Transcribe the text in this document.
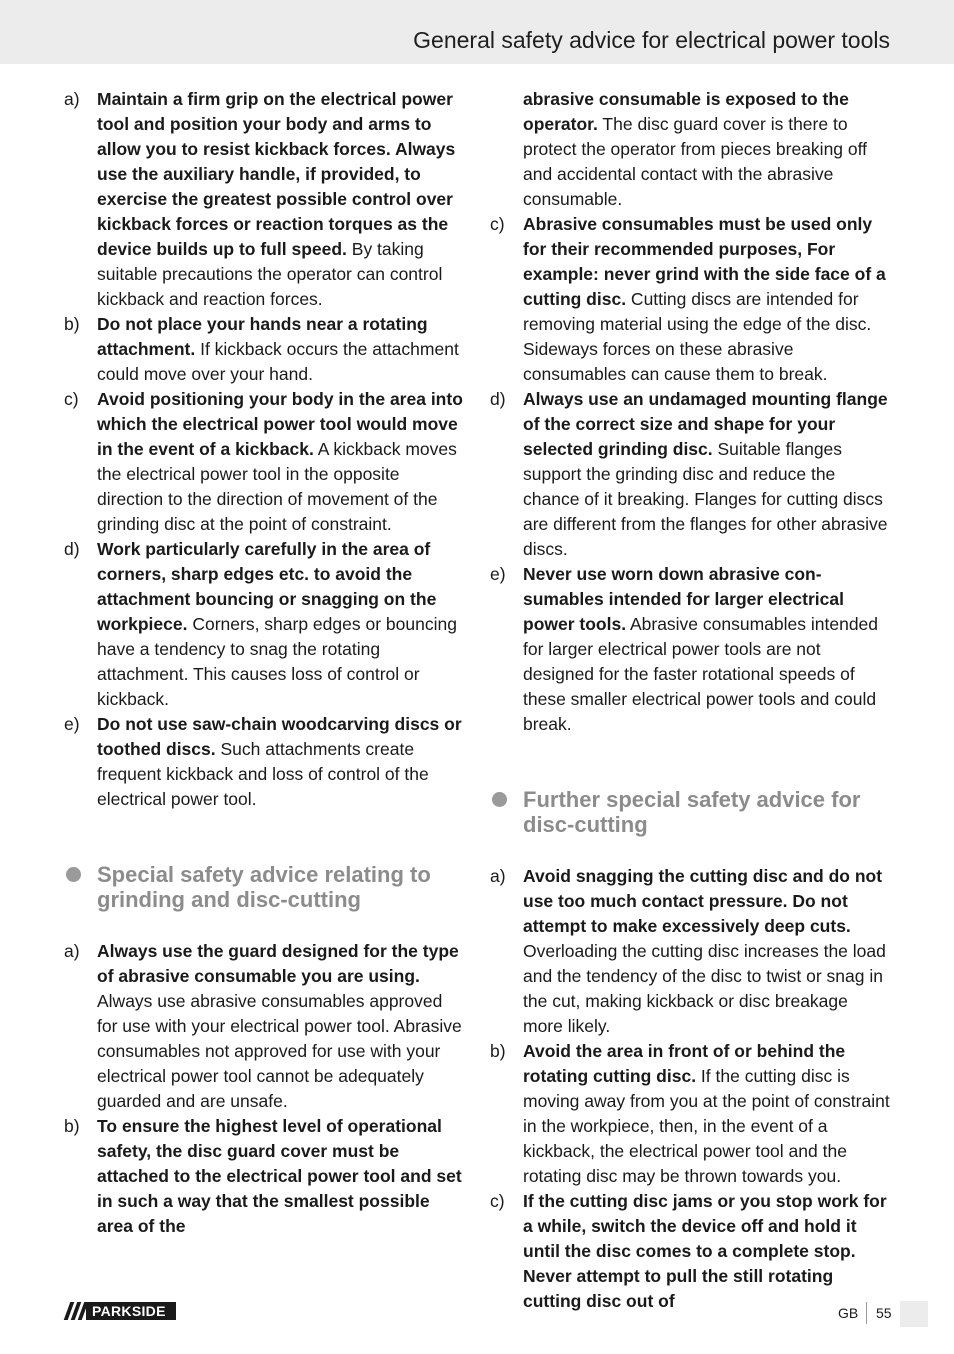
General safety advice for electrical power tools
a) Maintain a firm grip on the electrical power tool and position your body and arms to allow you to resist kickback forces. Always use the auxiliary handle, if provided, to exercise the greatest possible control over kickback forces or reaction torques as the device builds up to full speed. By taking suitable precautions the operator can control kickback and reaction forces.
b) Do not place your hands near a rotating attachment. If kickback occurs the attachment could move over your hand.
c) Avoid positioning your body in the area into which the electrical power tool would move in the event of a kickback. A kickback moves the electrical power tool in the opposite direction to the direction of movement of the grinding disc at the point of constraint.
d) Work particularly carefully in the area of corners, sharp edges etc. to avoid the attachment bouncing or snagging on the workpiece. Corners, sharp edges or bouncing have a tendency to snag the rotating attachment. This causes loss of control or kickback.
e) Do not use saw-chain woodcarving discs or toothed discs. Such attachments create frequent kickback and loss of control of the electrical power tool.
Special safety advice relating to grinding and disc-cutting
a) Always use the guard designed for the type of abrasive consumable you are using. Always use abrasive consumables approved for use with your electrical power tool. Abrasive consumables not approved for use with your electrical power tool cannot be adequately guarded and are unsafe.
b) To ensure the highest level of operational safety, the disc guard cover must be attached to the electrical power tool and set in such a way that the smallest possible area of the
abrasive consumable is exposed to the operator. The disc guard cover is there to protect the operator from pieces breaking off and accidental contact with the abrasive consumable.
c) Abrasive consumables must be used only for their recommended purposes, For example: never grind with the side face of a cutting disc. Cutting discs are intended for removing material using the edge of the disc. Sideways forces on these abrasive consumables can cause them to break.
d) Always use an undamaged mounting flange of the correct size and shape for your selected grinding disc. Suitable flanges support the grinding disc and reduce the chance of it breaking. Flanges for cutting discs are different from the flanges for other abrasive discs.
e) Never use worn down abrasive consumables intended for larger electrical power tools. Abrasive consumables intended for larger electrical power tools are not designed for the faster rotational speeds of these smaller electrical power tools and could break.
Further special safety advice for disc-cutting
a) Avoid snagging the cutting disc and do not use too much contact pressure. Do not attempt to make excessively deep cuts. Overloading the cutting disc increases the load and the tendency of the disc to twist or snag in the cut, making kickback or disc breakage more likely.
b) Avoid the area in front of or behind the rotating cutting disc. If the cutting disc is moving away from you at the point of constraint in the workpiece, then, in the event of a kickback, the electrical power tool and the rotating disc may be thrown towards you.
c) If the cutting disc jams or you stop work for a while, switch the device off and hold it until the disc comes to a complete stop. Never attempt to pull the still rotating cutting disc out of
PARKSIDE	GB 55
